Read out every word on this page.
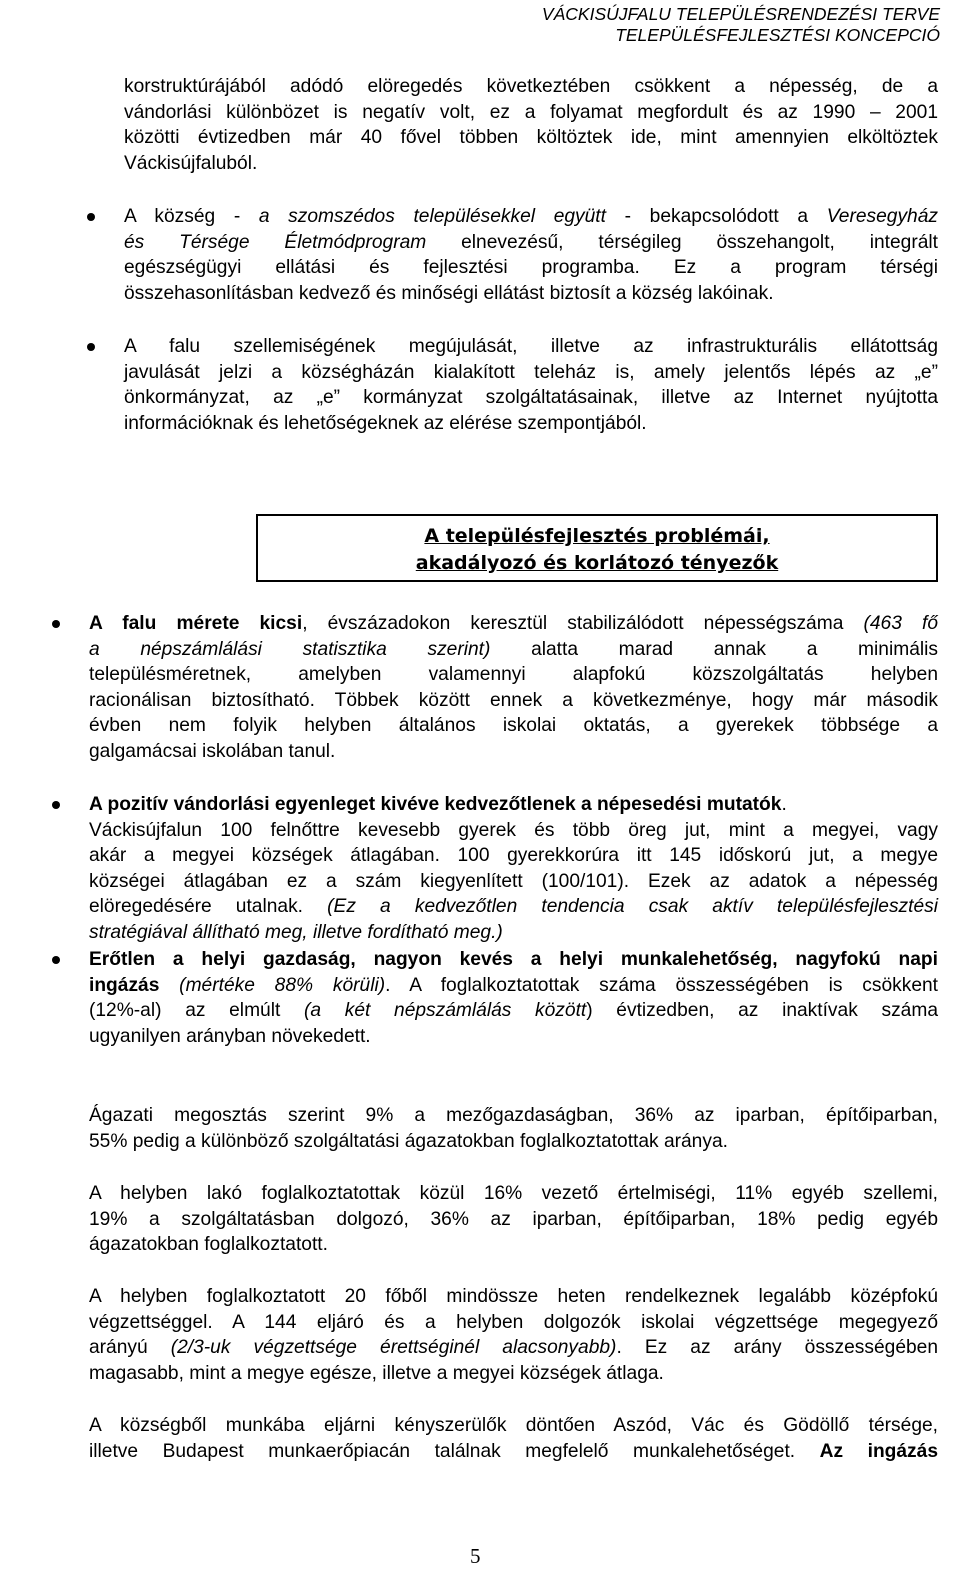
VÁCKISÚJFALU TELEPÜLÉSRENDEZÉSI TERVE
TELEPÜLÉSFEJLESZTÉSI KONCEPCIÓ
korstruktúrájából adódó elöregedés következtében csökkent a népesség, de a
vándorlási különbözet is negatív volt, ez a folyamat megfordult és az 1990 – 2001
közötti évtizedben már 40 fővel többen költöztek ide, mint amennyien elköltöztek
Váckisújfaluból.
A község - a szomszédos településekkel együtt - bekapcsolódott a Veresegyház
és Térsége Életmódprogram elnevezésű, térségileg összehangolt, integrált
egészségügyi ellátási és fejlesztési programba. Ez a program térségi
összehasonlításban kedvező és minőségi ellátást biztosít a község lakóinak.
A falu szellemiségének megújulását, illetve az infrastrukturális ellátottság
javulását jelzi a községházán kialakított teleház is, amely jelentős lépés az „e”
önkormányzat, az „e” kormányzat szolgáltatásainak, illetve az Internet nyújtotta
információknak és lehetőségeknek az elérése szempontjából.
A településfejlesztés problémái,
akadályozó és korlátozó tényezők
A falu mérete kicsi, évszázadokon keresztül stabilizálódott népességszáma (463 fő
a népszámlálási statisztika szerint) alatta marad annak a minimális
településméretnek, amelyben valamennyi alapfokú közszolgáltatás helyben
racionálisan biztosítható. Többek között ennek a következménye, hogy már második
évben nem folyik helyben általános iskolai oktatás, a gyerekek többsége a
galgamácsai iskolában tanul.
A pozitív vándorlási egyenleget kivéve kedvezőtlenek a népesedési mutatók.
Váckisújfalun 100 felnőttre kevesebb gyerek és több öreg jut, mint a megyei, vagy
akár a megyei községek átlagában. 100 gyerekkorúra itt 145 időskorú jut, a megye
községei átlagában ez a szám kiegyenlített (100/101). Ezek az adatok a népesség
elöregedésére utalnak. (Ez a kedvezőtlen tendencia csak aktív településfejlesztési
stratégiával állítható meg, illetve fordítható meg.)
Erőtlen a helyi gazdaság, nagyon kevés a helyi munkalehetőség, nagyfokú napi
ingázás (mértéke 88% körüli). A foglalkoztatottak száma összességében is csökkent
(12%-al) az elmúlt (a két népszámlálás között) évtizedben, az inaktívak száma
ugyanilyen arányban növekedett.
Ágazati megosztás szerint 9% a mezőgazdaságban, 36% az iparban, építőiparban,
55% pedig a különböző szolgáltatási ágazatokban foglalkoztatottak aránya.
A helyben lakó foglalkoztatottak közül 16% vezető értelmiségi, 11% egyéb szellemi,
19% a szolgáltatásban dolgozó, 36% az iparban, építőiparban, 18% pedig egyéb
ágazatokban foglalkoztatott.
A helyben foglalkoztatott 20 főből mindössze heten rendelkeznek legalább középfokú
végzettséggel. A 144 eljáró és a helyben dolgozók iskolai végzettsége megegyező
arányú (2/3-uk végzettsége érettséginél alacsonyabb). Ez az arány összességében
magasabb, mint a megye egésze, illetve a megyei községek átlaga.
A községből munkába eljárni kényszerülők döntően Aszód, Vác és Gödöllő térsége,
illetve Budapest munkaerőpiacán találnak megfelelő munkalehetőséget. Az ingázás
5
